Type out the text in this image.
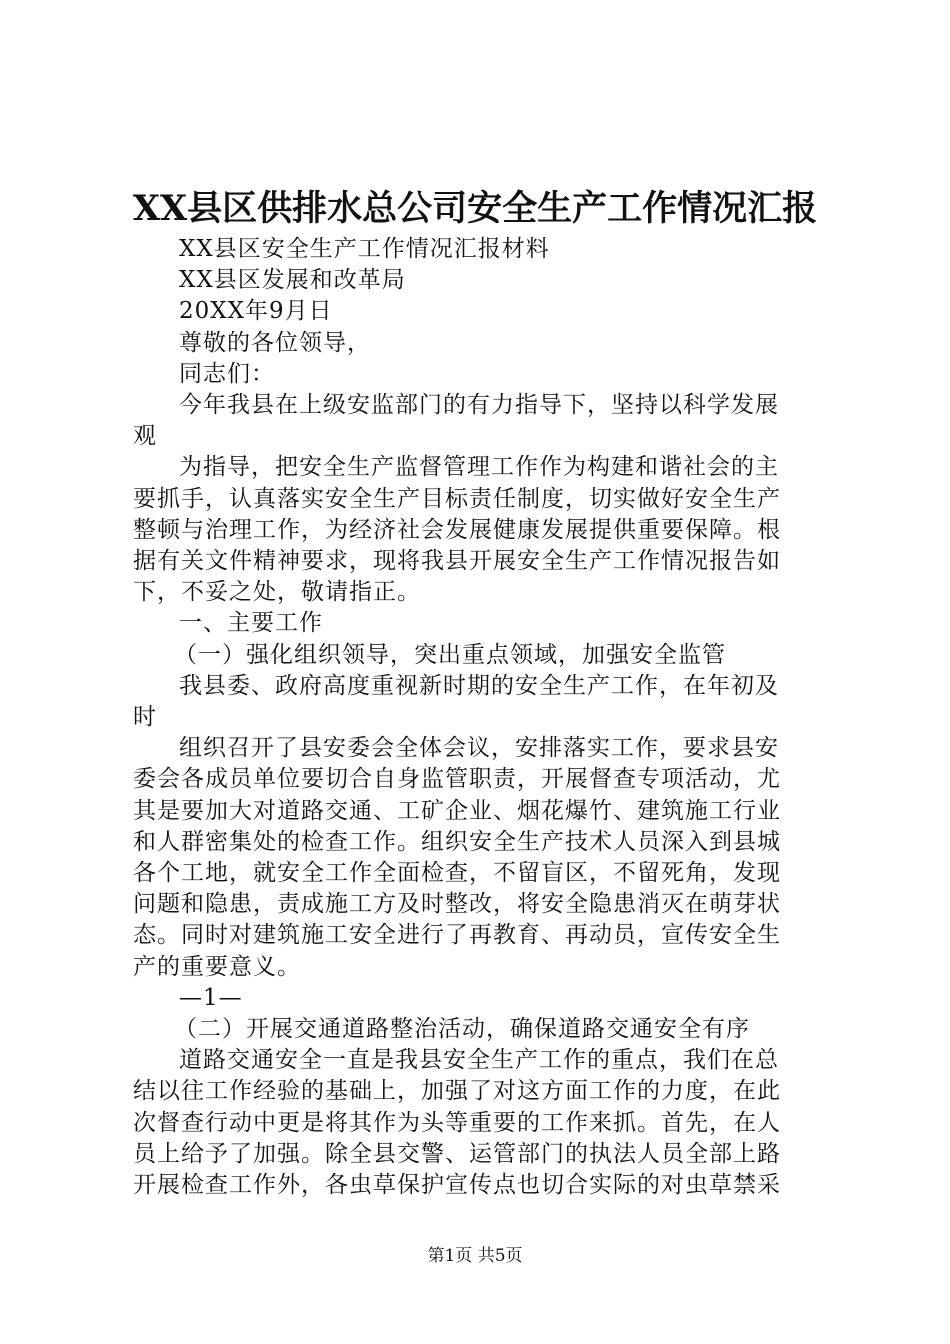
XX县区供排水总公司安全生产工作情况汇报
XX县区安全生产工作情况汇报材料
XX县区发展和改革局
20XX年9月日
尊敬的各位领导，
同志们：
今年我县在上级安监部门的有力指导下，坚持以科学发展
观
为指导，把安全生产监督管理工作作为构建和谐社会的主
要抓手，认真落实安全生产目标责任制度，切实做好安全生产
整顿与治理工作，为经济社会发展健康发展提供重要保障。根
据有关文件精神要求，现将我县开展安全生产工作情况报告如
下，不妥之处，敬请指正。
一、主要工作
（一）强化组织领导，突出重点领域，加强安全监管
我县委、政府高度重视新时期的安全生产工作，在年初及
时
组织召开了县安委会全体会议，安排落实工作，要求县安
委会各成员单位要切合自身监管职责，开展督查专项活动，尤
其是要加大对道路交通、工矿企业、烟花爆竹、建筑施工行业
和人群密集处的检查工作。组织安全生产技术人员深入到县城
各个工地，就安全工作全面检查，不留盲区，不留死角，发现
问题和隐患，责成施工方及时整改，将安全隐患消灭在萌芽状
态。同时对建筑施工安全进行了再教育、再动员，宣传安全生
产的重要意义。
—1—
（二）开展交通道路整治活动，确保道路交通安全有序
道路交通安全一直是我县安全生产工作的重点，我们在总
结以往工作经验的基础上，加强了对这方面工作的力度，在此
次督查行动中更是将其作为头等重要的工作来抓。首先，在人
员上给予了加强。除全县交警、运管部门的执法人员全部上路
开展检查工作外，各虫草保护宣传点也切合实际的对虫草禁采
第1页 共5页
